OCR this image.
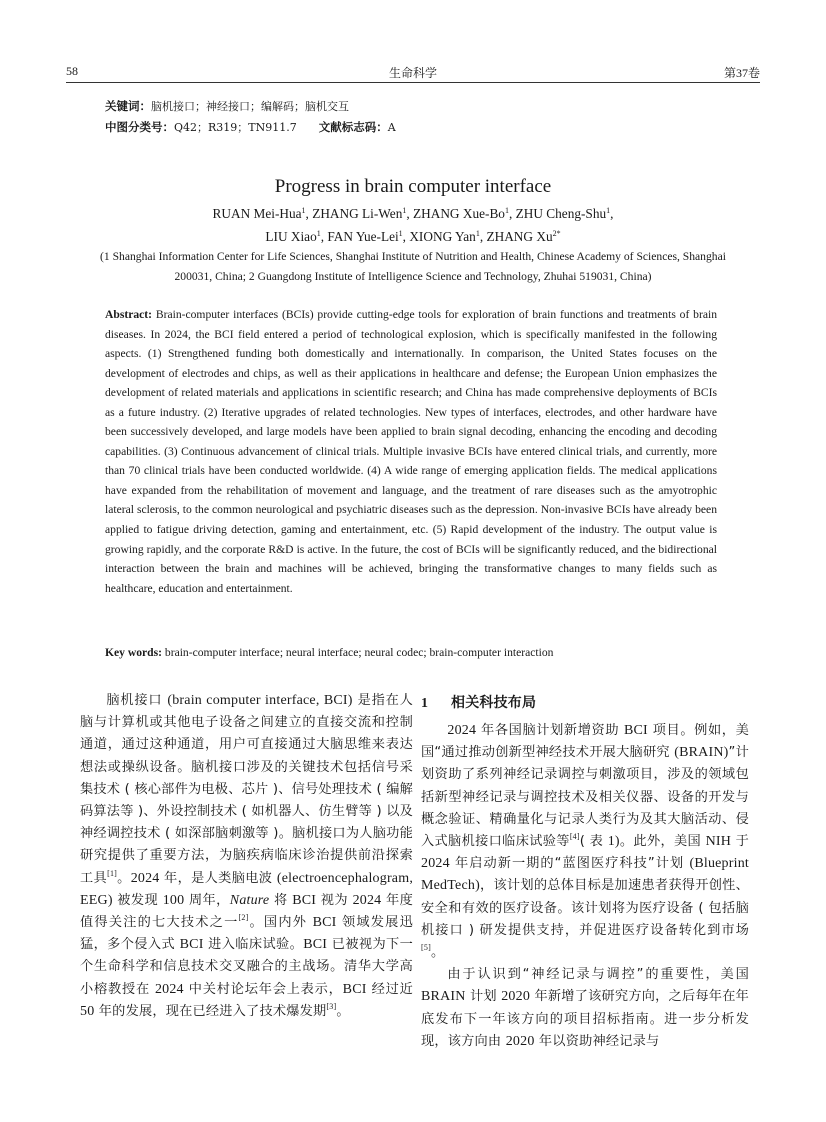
58	生命科学	第37卷
关键词：脑机接口；神经接口；编解码；脑机交互
中图分类号：Q42；R319；TN911.7 文献标志码：A
Progress in brain computer interface
RUAN Mei-Hua$^1$, ZHANG Li-Wen$^1$, ZHANG Xue-Bo$^1$, ZHU Cheng-Shu$^1$,
LIU Xiao$^1$, FAN Yue-Lei$^1$, XIONG Yan$^1$, ZHANG $Xu^{2*}$
(1 Shanghai Information Center for Life Sciences, Shanghai Institute of Nutrition and Health, Chinese Academy of Sciences, Shanghai 200031, China; 2 Guangdong Institute of Intelligence Science and Technology, Zhuhai 519031, China)
Abstract: Brain-computer interfaces (BCIs) provide cutting-edge tools for exploration of brain functions and treatments of brain diseases. In 2024, the BCI field entered a period of technological explosion, which is specifically manifested in the following aspects. (1) Strengthened funding both domestically and internationally. In comparison, the United States focuses on the development of electrodes and chips, as well as their applications in healthcare and defense; the European Union emphasizes the development of related materials and applications in scientific research; and China has made comprehensive deployments of BCIs as a future industry. (2) Iterative upgrades of related technologies. New types of interfaces, electrodes, and other hardware have been successively developed, and large models have been applied to brain signal decoding, enhancing the encoding and decoding capabilities. (3) Continuous advancement of clinical trials. Multiple invasive BCIs have entered clinical trials, and currently, more than 70 clinical trials have been conducted worldwide. (4) A wide range of emerging application fields. The medical applications have expanded from the rehabilitation of movement and language, and the treatment of rare diseases such as the amyotrophic lateral sclerosis, to the common neurological and psychiatric diseases such as the depression. Non-invasive BCIs have already been applied to fatigue driving detection, gaming and entertainment, etc. (5) Rapid development of the industry. The output value is growing rapidly, and the corporate R&D is active. In the future, the cost of BCIs will be significantly reduced, and the bidirectional interaction between the brain and machines will be achieved, bringing the transformative changes to many fields such as healthcare, education and entertainment.
Key words: brain-computer interface; neural interface; neural codec; brain-computer interaction

脑机接口 (brain computer interface, BCI) 是指在人脑与计算机或其他电子设备之间建立的直接交流和控制通道，通过这种通道，用户可直接通过大脑思维来表达想法或操纵设备。脑机接口涉及的关键技术包括信号采集技术 ( 核心部件为电极、芯片 )、信号处理技术 ( 编解码算法等 )、外设控制技术 ( 如机器人、仿生臂等 ) 以及神经调控技术 ( 如深部脑刺激等 )。脑机接口为人脑功能研究提供了重要方法，为脑疾病临床诊治提供前沿探索工具[1]。2024 年，是人类脑电波 (electroencephalogram, EEG) 被发现 100 周年，Nature 将 BCI 视为 2024 年度值得关注的七大技术之一[2]。国内外 BCI 领域发展迅猛，多个侵入式 BCI 进入临床试验。BCI 已被视为下一个生命科学和信息技术交叉融合的主战场。清华大学高小榕教授在 2024 中关村论坛年会上表示，BCI 经过近 50 年的发展，现在已经进入了技术爆发期[3]。

1 相关科技布局

2024 年各国脑计划新增资助 BCI 项目。例如，美国“通过推动创新型神经技术开展大脑研究 (BRAIN)”计划资助了系列神经记录调控与刺激项目，涉及的领域包括新型神经记录与调控技术及相关仪器、设备的开发与概念验证、精确量化与记录人类行为及其大脑活动、侵入式脑机接口临床试验等[4]( 表 1)。此外，美国 NIH 于 2024 年启动新一期的“蓝图医疗科技”计划 (Blueprint MedTech)，该计划的总体目标是加速患者获得开创性、安全和有效的医疗设备。该计划将为医疗设备 ( 包括脑机接口 ) 研发提供支持，并促进医疗设备转化到市场[5]。

由于认识到“神经记录与调控”的重要性，美国 BRAIN 计划 2020 年新增了该研究方向，之后每年在年底发布下一年该方向的项目招标指南。进一步分析发现，该方向由 2020 年以资助神经记录与
